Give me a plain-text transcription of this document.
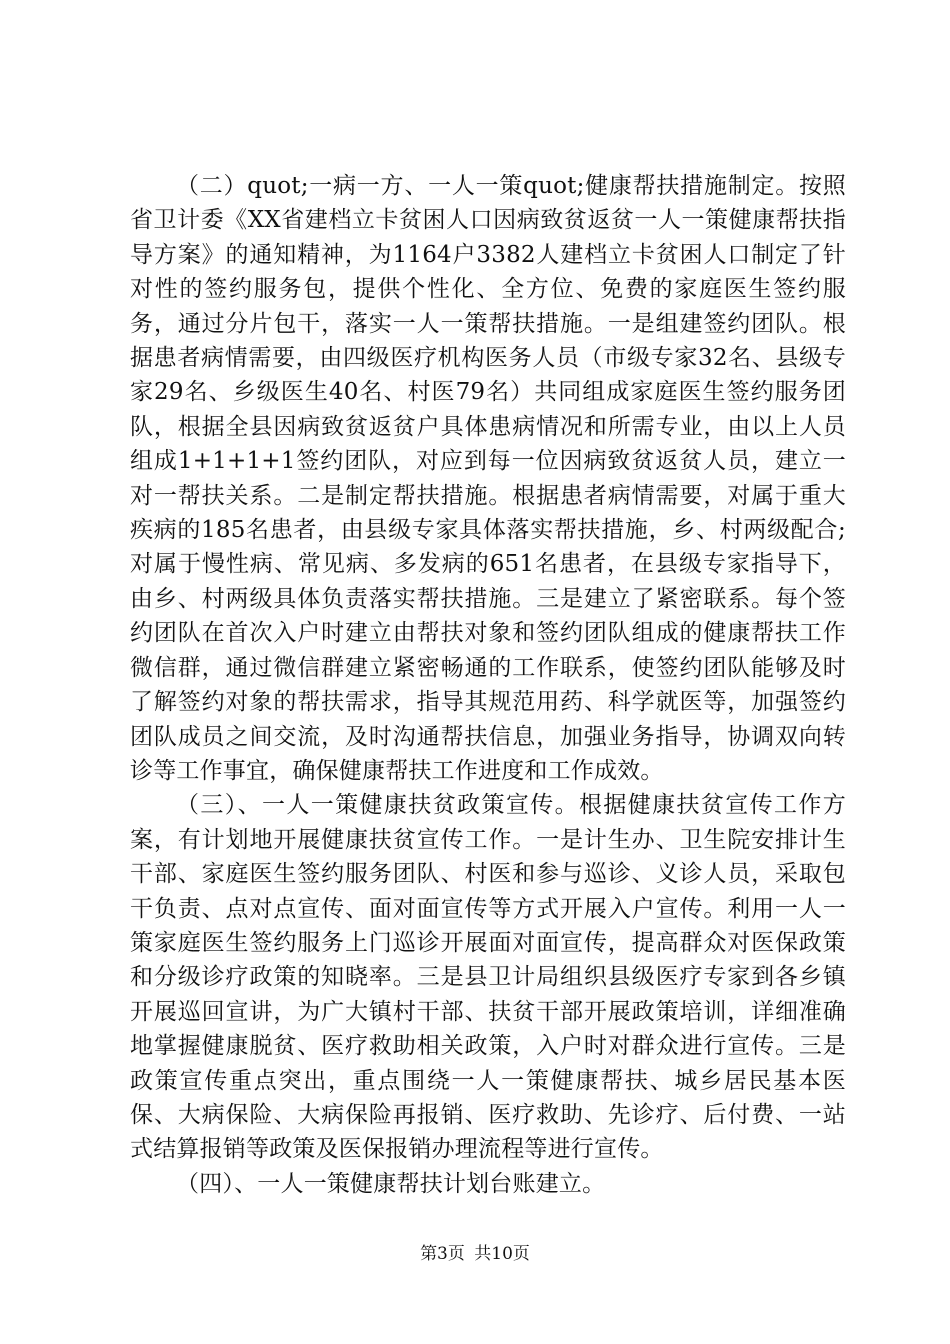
（二）quot;一病一方、一人一策quot;健康帮扶措施制定。按照省卫计委《XX省建档立卡贫困人口因病致贫返贫一人一策健康帮扶指导方案》的通知精神，为1164户3382人建档立卡贫困人口制定了针对性的签约服务包，提供个性化、全方位、免费的家庭医生签约服务，通过分片包干，落实一人一策帮扶措施。一是组建签约团队。根据患者病情需要，由四级医疗机构医务人员（市级专家32名、县级专家29名、乡级医生40名、村医79名）共同组成家庭医生签约服务团队，根据全县因病致贫返贫户具体患病情况和所需专业，由以上人员组成1+1+1+1签约团队，对应到每一位因病致贫返贫人员，建立一对一帮扶关系。二是制定帮扶措施。根据患者病情需要，对属于重大疾病的185名患者，由县级专家具体落实帮扶措施，乡、村两级配合;对属于慢性病、常见病、多发病的651名患者，在县级专家指导下，由乡、村两级具体负责落实帮扶措施。三是建立了紧密联系。每个签约团队在首次入户时建立由帮扶对象和签约团队组成的健康帮扶工作微信群，通过微信群建立紧密畅通的工作联系，使签约团队能够及时了解签约对象的帮扶需求，指导其规范用药、科学就医等，加强签约团队成员之间交流，及时沟通帮扶信息，加强业务指导，协调双向转诊等工作事宜，确保健康帮扶工作进度和工作成效。

（三）、一人一策健康扶贫政策宣传。根据健康扶贫宣传工作方案，有计划地开展健康扶贫宣传工作。一是计生办、卫生院安排计生干部、家庭医生签约服务团队、村医和参与巡诊、义诊人员，采取包干负责、点对点宣传、面对面宣传等方式开展入户宣传。利用一人一策家庭医生签约服务上门巡诊开展面对面宣传，提高群众对医保政策和分级诊疗政策的知晓率。三是县卫计局组织县级医疗专家到各乡镇开展巡回宣讲，为广大镇村干部、扶贫干部开展政策培训，详细准确地掌握健康脱贫、医疗救助相关政策，入户时对群众进行宣传。三是政策宣传重点突出，重点围绕一人一策健康帮扶、城乡居民基本医保、大病保险、大病保险再报销、医疗救助、先诊疗、后付费、一站式结算报销等政策及医保报销办理流程等进行宣传。

（四）、一人一策健康帮扶计划台账建立。

第3页 共10页
